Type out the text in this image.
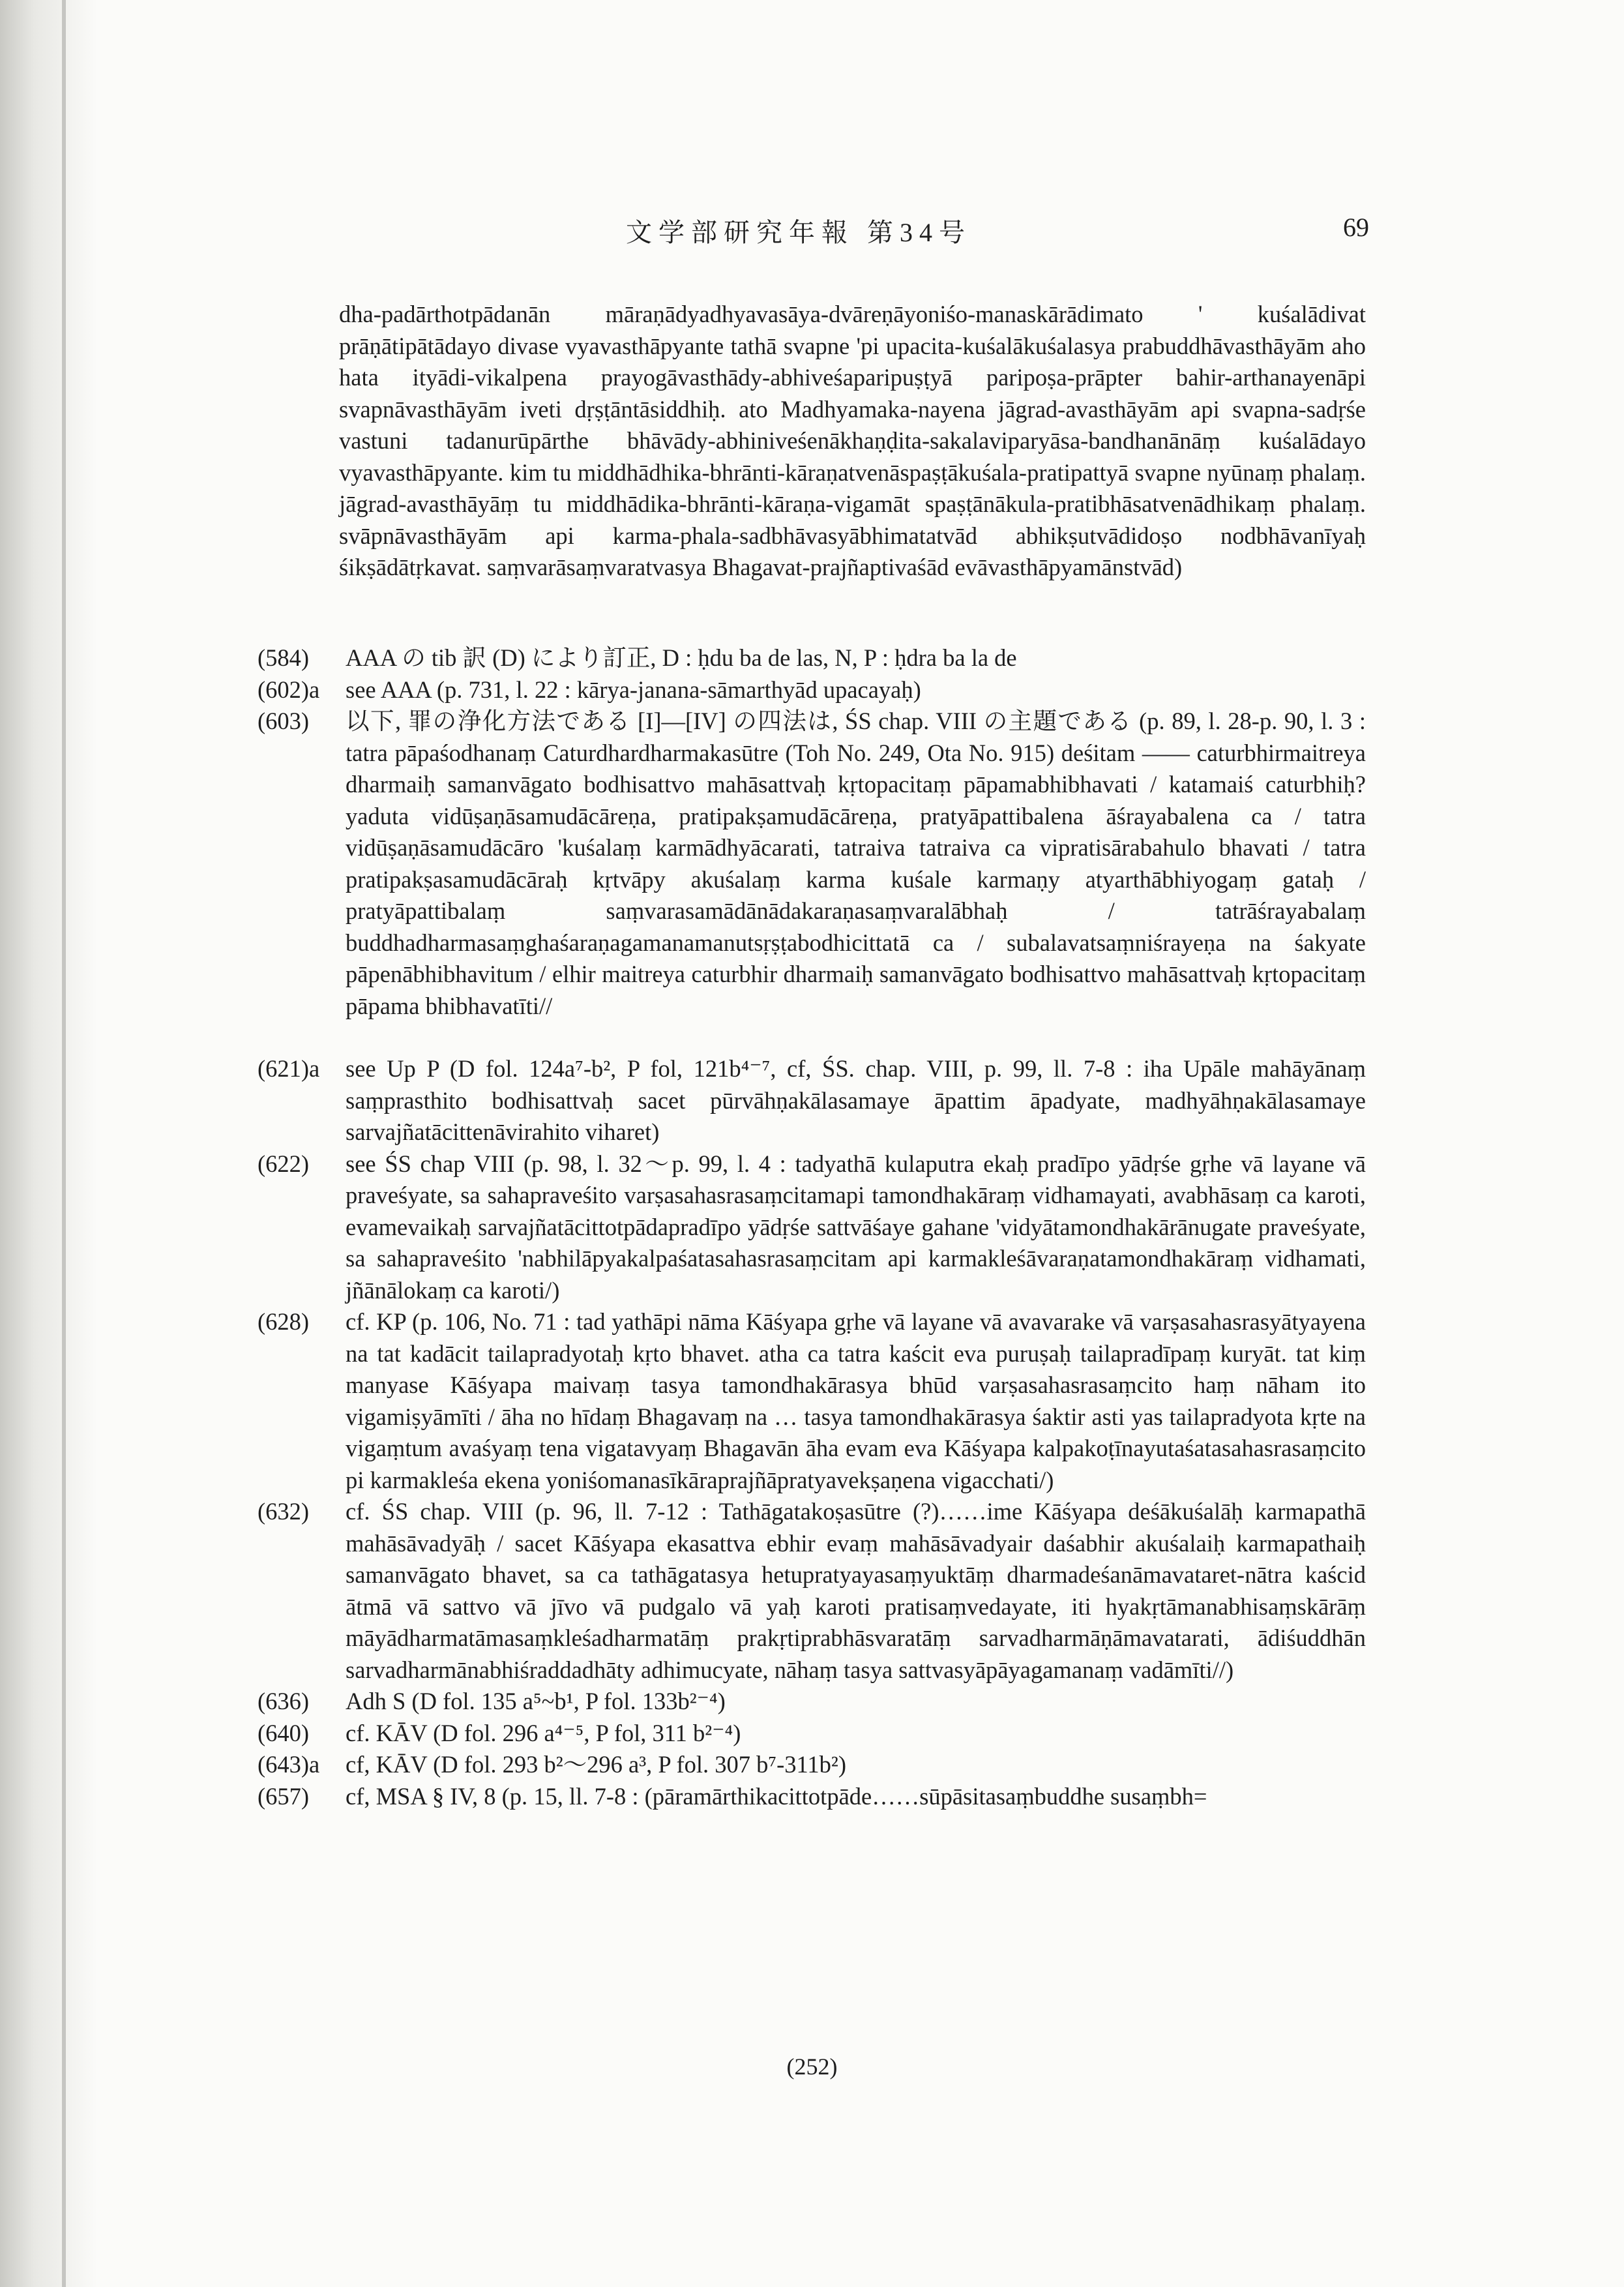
文学部研究年報 第34号	69

dha-padārthotpādanān māraṇādyadhyavasāya-dvāreṇāyoniśo-manaskārādimato ' kuśalādivat prāṇātipātādayo divase vyavasthāpyante tathā svapne 'pi upacita-kuśalākuśalasya prabuddhāvasthāyām aho hata ityādi-vikalpena prayogāvasthādy-abhiveśaparipuṣṭyā paripoṣa-prāpter bahir-arthanayenāpi svapnāvasthāyām iveti dṛṣṭāntāsiddhiḥ. ato Madhyamaka-nayena jāgrad-avasthāyām api svapna-sadṛśe vastuni tadanurūpārthe bhāvādy-abhiniveśenākhaṇḍita-sakalaviparyāsa-bandhanānāṃ kuśalādayo vyavasthāpyante. kim tu middhādhika-bhrānti-kāraṇatvenāspaṣṭākuśala-pratipattyā svapne nyūnaṃ phalaṃ. jāgrad-avasthāyāṃ tu middhādika-bhrānti-kāraṇa-vigamāt spaṣṭānākula-pratibhāsatvenādhikaṃ phalaṃ. svāpnāvasthāyām api karma-phala-sadbhāvasyābhimatatvād abhikṣutvādidoṣo nodbhāvanīyaḥ śikṣādātṛkavat. saṃvarāsaṃvaratvasya Bhagavat-prajñaptivaśād evāvasthāpyamānstvād)

(584)	AAA の tib 訳 (D) により訂正, D : ḥdu ba de las, N, P : ḥdra ba la de
(602)a	see AAA (p. 731, l. 22 : kārya-janana-sāmarthyād upacayaḥ)
(603)	以下, 罪の浄化方法である [I]—[IV] の四法は, ŚS chap. VIII の主題である (p. 89, l. 28-p. 90, l. 3 : tatra pāpaśodhanaṃ Caturdhardharmakasūtre (Toh No. 249, Ota No. 915) deśitam —— caturbhirmaitreya dharmaiḥ samanvāgato bodhisattvo mahāsattvaḥ kṛtopacitaṃ pāpamabhibhavati / katamaiś caturbhiḥ? yaduta vidūṣaṇāsamudācāreṇa, pratipakṣamudācāreṇa, pratyāpattibalena āśrayabalena ca / tatra vidūṣaṇāsamudācāro 'kuśalaṃ karmādhyācarati, tatraiva tatraiva ca vipratisārabahulo bhavati / tatra pratipakṣasamudācāraḥ kṛtvāpy akuśalaṃ karma kuśale karmaṇy atyarthābhiyogaṃ gataḥ / pratyāpattibalaṃ saṃvarasamādānādakaraṇasaṃvaralābhaḥ / tatrāśrayabalaṃ buddhadharmasaṃghaśaraṇagamanamanutsṛṣṭabodhicittatā ca / subalavatsaṃniśrayeṇa na śakyate pāpenābhibhavitum / elhir maitreya caturbhir dharmaiḥ samanvāgato bodhisattvo mahāsattvaḥ kṛtopacitaṃ pāpama bhibhavatīti//
(621)a	see Up P (D fol. 124a⁷-b², P fol, 121b⁴⁻⁷, cf, ŚS. chap. VIII, p. 99, ll. 7-8 : iha Upāle mahāyānaṃ saṃprasthito bodhisattvaḥ sacet pūrvāhṇakālasamaye āpattim āpadyate, madhyāhṇakālasamaye sarvajñatācittenāvirahito viharet)
(622)	see ŚS chap VIII (p. 98, l. 32～p. 99, l. 4 : tadyathā kulaputra ekaḥ pradīpo yādṛśe gṛhe vā layane vā praveśyate, sa sahapraveśito varṣasahasrasaṃcitamapi tamondhakāraṃ vidhamayati, avabhāsaṃ ca karoti, evamevaikaḥ sarvajñatācittotpādapradīpo yādṛśe sattvāśaye gahane 'vidyātamondhakārānugate praveśyate, sa sahapraveśito 'nabhilāpyakalpaśatasahasrasaṃcitam api karmakleśāvaraṇatamondhakāraṃ vidhamati, jñānālokaṃ ca karoti/)
(628)	cf. KP (p. 106, No. 71 : tad yathāpi nāma Kāśyapa gṛhe vā layane vā avavarake vā varṣasahasrasyātyayena na tat kadācit tailapradyotaḥ kṛto bhavet. atha ca tatra kaścit eva puruṣaḥ tailapradīpaṃ kuryāt. tat kiṃ manyase Kāśyapa maivaṃ tasya tamondhakārasya bhūd varṣasahasrasaṃcito haṃ nāham ito vigamiṣyāmīti / āha no hīdaṃ Bhagavaṃ na … tasya tamondhakārasya śaktir asti yas tailapradyota kṛte na vigaṃtum avaśyaṃ tena vigatavyaṃ Bhagavān āha evam eva Kāśyapa kalpakoṭīnayutaśatasahasrasaṃcito pi karmakleśa ekena yoniśomanasīkāraprajñāpratyavekṣaṇena vigacchati/)
(632)	cf. ŚS chap. VIII (p. 96, ll. 7-12 : Tathāgatakoṣasūtre (?)……ime Kāśyapa deśākuśalāḥ karmapathā mahāsāvadyāḥ / sacet Kāśyapa ekasattva ebhir evaṃ mahāsāvadyair daśabhir akuśalaiḥ karmapathaiḥ samanvāgato bhavet, sa ca tathāgatasya hetupratyayasaṃyuktāṃ dharmadeśanāmavataret-nātra kaścid ātmā vā sattvo vā jīvo vā pudgalo vā yaḥ karoti pratisaṃvedayate, iti hyakṛtāmanabhisaṃskārāṃ māyādharmatāmasaṃkleśadharmatāṃ prakṛtiprabhāsvaratāṃ sarvadharmāṇāmavatarati, ādiśuddhān sarvadharmānabhiśraddadhāty adhimucyate, nāhaṃ tasya sattvasyāpāyagamanaṃ vadāmīti//)
(636)	Adh S (D fol. 135 a⁵~b¹, P fol. 133b²⁻⁴)
(640)	cf. KĀV (D fol. 296 a⁴⁻⁵, P fol, 311 b²⁻⁴)
(643)a	cf, KĀV (D fol. 293 b²～296 a³, P fol. 307 b⁷-311b²)
(657)	cf, MSA § IV, 8 (p. 15, ll. 7-8 : (pāramārthikacittotpāde……sūpāsitasaṃbuddhe susaṃbh=
(252)
